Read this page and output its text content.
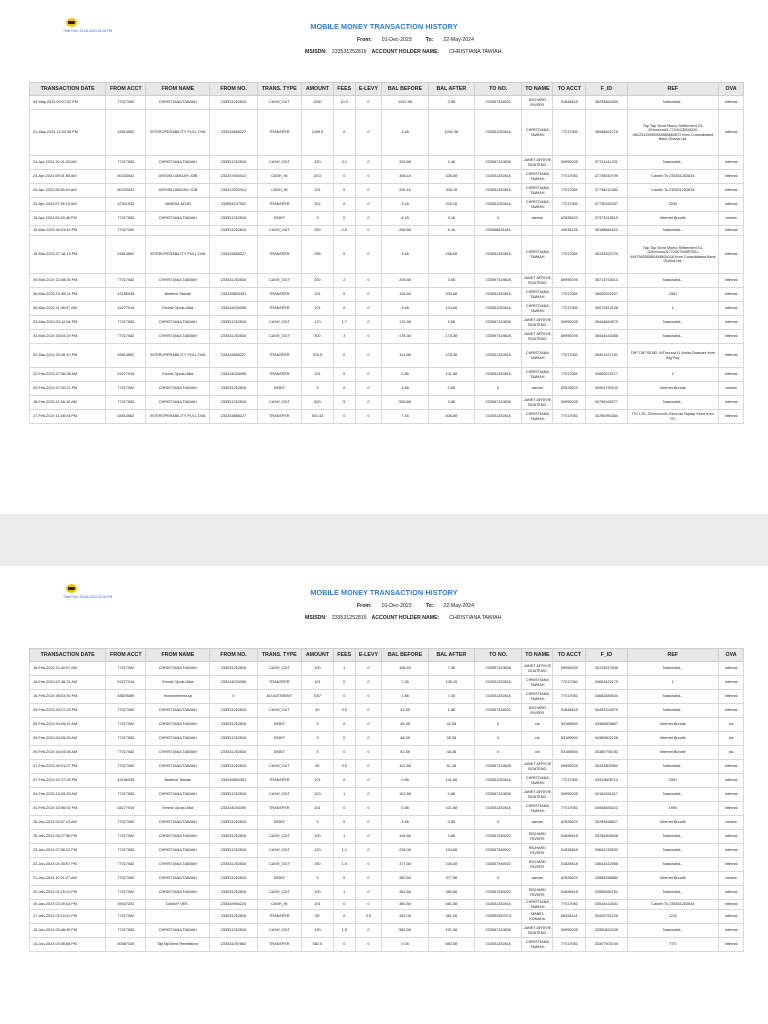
Time Run: 23-05-2024 01:26 PM	MOBILE MONEY TRANSACTION HISTORY
From: 01-Dec-2023	To: 22-May-2024
MSISDN: 233531252816 ACCOUNT HOLDER NAME: CHRISTIANA TAWIAH
TRANSACTION DATE	FROM ACCT	FROM NAME	FROM NO.	TRANS. TYPE	AMOUNT	FEES	E-LEVY	BAL BEFORE	BAL AFTER	TO NO.	TO NAME	TO ACCT	F_ID	REF	OVA
04-May-2024 09:07:02 PM	77017082	CHRISTIANA TAWIAH	233531252816	CASH_OUT	1030	10.3	0	1042.98	2.68	233557946922	RICHARD RIVERS	51826818	38236864350	NationalId--	Internal
01-May-2024 12:02:38 PM	54814562	INTEROPERABILITY PULL OVA	233243868227	TRANSFER	1039.5	0	0	3.48	1042.98	233531252816	CHRISTIANA TAWIAH	77017082	38068832716	Tap Tap Send Momo Settlement GL ,GHxxxxxx0L772412350(0OX-48123129550052888883572 from Consolidated Bank Ghana Ltd.	Internal
24-Apr-2024 10:01:26 AM	77017082	CHRISTIANA TAWIAH	233531252816	CASH_OUT	320	3.2	0	326.68	3.48	233597419828	JANET AFRIYIE BOATENG	69999205	37741141231	NationalId--	Internal
24-Apr-2024 09:01:55 AM	60433542	AYENSU AMOAH JOB	233247600314	CASH_IN	20.5	0	0	306.18	326.68	233531252816	CHRISTIANA TAWIAH	77017082	37738510709	Cashin To 233531252816	Internal
24-Apr-2024 08:55:04 AM	60433542	AYENSU AMOAH JOB	233247600314	CASH_IN	101	0	0	205.18	306.18	233531252816	CHRISTIANA TAWIAH	77017082	37738210382	Cashin To 233531252816	Internal
24-Apr-2024 07:39:15 AM	67911933	VANESA ADJEI	233554157902	TRANSFER	202	0	0	3.18	205.18	233531252816	CHRISTIANA TAWIAH	77017082	37735183337	2030	Internal
15-Apr-2024 09:43:46 PM	77017082	CHRISTIANA TAWIAH	233531252816	DEBIT	3	0	0	6.18	3.18	0	cisnew	62525623	37373315610	Internet Bundle	cisnew
19-Mar-2024 05:03:49 PM	77017082		233531252816	CASH_OUT	250	2.5	0	258.68	6.18	233548831461		49033226	36168881823	NationalId--	Internal
18-Mar-2024 07:18:13 PM	54814562	INTEROPERABILITY PULL OVA	233243868227	TRANSFER	255	0	0	3.68	258.68	233531252816	CHRISTIANA TAWIAH	77017082	36133924720	Tap Tap Send Momo Settlement GL ,GHxxxxxx0L772407848PZSU-449756350580488626116 from Consolidated Bank Ghana Ltd.	Internal
09-Mar-2024 12:58:36 PM	77017082	CHRISTIANA TAWIAH	233531252816	CASH_OUT	200	2	0	205.68	3.68	233597419828	JANET AFRIYIE BOATENG	69999205	35713753013	NationalId--	Internal
06-Mar-2024 10:36:21 PM	43185035	Beatrice Tawiah	233249863351	TRANSFER	101	0	0	104.68	205.68	233531252816	CHRISTIANA TAWIAH	77017082	35600922527	3351	Internal
06-Mar-2024 11:36:57 AM	54277016	Ernest Opoku Atta	233244034395	TRANSFER	101	0	0	3.68	104.68	233531252816	CHRISTIANA TAWIAH	77017082	35572812128	1	Internal
03-Mar-2024 03:12:54 PM	77017082	CHRISTIANA TAWIAH	233531252816	CASH_OUT	170	1.7	0	175.38	3.68	233597419828	JANET AFRIYIE BOATENG	69999205	35444844570	NationalId--	Internal
03-Mar-2024 03:04:19 PM	77017082	CHRISTIANA TAWIAH	233531252816	CASH_OUT	300	3	0	478.38	175.38	233597419828	JANET AFRIYIE BOATENG	69999205	35444444366	NationalId--	Internal
02-Mar-2024 03:46:10 PM	54814562	INTEROPERABILITY PULL OVA	233243868227	TRANSFER	376.5	0	0	101.88	478.38	233531252816	CHRISTIANA TAWIAH	77017082	35401427182	TAP TAP SEND ,MTxxxxxx11,Amitu Dramani from Big Pay	Internal
22-Feb-2024 07:06:38 AM	54277016	Ernest Opoku Atta	233244034395	TRANSFER	101	0	0	0.88	101.88	233531252816	CHRISTIANA TAWIAH	77017082	34960675717	1	Internal
20-Feb-2024 07:40:21 PM	77017082	CHRISTIANA TAWIAH	233531252816	DEBIT	3	0	0	3.88	0.88	0	cisnew	62525623	34904730140	Internet Bundle	cisnew
18-Feb-2024 11:56:40 AM	77017082	CHRISTIANA TAWIAH	233531252816	CASH_OUT	500	5	0	508.88	3.88	233597419828	JANET AFRIYIE BOATENG	69999205	34796165277	NationalId--	Internal
17-Feb-2024 11:08:44 PM	54814562	INTEROPERABILITY PULL OVA	233243868227	TRANSFER	501.43	0	0	7.45	508.88	233531252816	CHRISTIANA TAWIAH	77017082	34780950364	ITC LTD ,02xxxxxx41,Sent via Taptap Send from ITC	Internal
Time Run: 23-05-2024 01:26 PM	MOBILE MONEY TRANSACTION HISTORY
From: 01-Dec-2023	To: 22-May-2024
MSISDN: 233531252816 ACCOUNT HOLDER NAME: CHRISTIANA TAWIAH
TRANSACTION DATE	FROM ACCT	FROM NAME	FROM NO.	TRANS. TYPE	AMOUNT	FEES	E-LEVY	BAL BEFORE	BAL AFTER	TO NO.	TO NAME	TO ACCT	F_ID	REF	OVA
16-Feb-2024 11:40:07 AM	77017082	CHRISTIANA TAWIAH	233531252816	CASH_OUT	100	1	0	108.45	7.45	233597419828	JANET AFRIYIE BOATENG	69999205	34703917846	NationalId--	Internal
16-Feb-2024 07:46:31 AM	54277016	Ernest Opoku Atta	233244034395	TRANSFER	101	0	0	7.45	108.45	233531252816	CHRISTIANA TAWIAH	77017082	34694422170	1	Internal
15-Feb-2024 08:03:30 PM	48878389	momointerest.sp	0	ADJUSTMENT	5.57	0	0	1.88	7.45	233531252816	CHRISTIANA TAWIAH	77017082	34682684634	NationalId--	Internal
09-Feb-2024 03:07:29 PM	77017082	CHRISTIANA TAWIAH	233531252816	CASH_OUT	40	0.5	0	42.38	1.88	233557946922	RICHARD RIVERS	51826818	34493324579	NationalId--	Internal
09-Feb-2024 04:06:41 AM	77017082	CHRISTIANA TAWIAH	233531252816	DEBIT	3	0	0	45.38	42.38	0	cis	53169694	34380805807	Internet Bundle	cis
09-Feb-2024 04:05:59 AM	77017082	CHRISTIANA TAWIAH	233531252816	DEBIT	3	0	0	48.38	45.38	0	cis	53169694	34380802128	Internet Bundle	cis
09-Feb-2024 04:04:58 AM	77017082	CHRISTIANA TAWIAH	233531252816	DEBIT	3	0	0	51.38	48.38	0	cis	53169694	34380796782	Internet Bundle	cis
07-Feb-2024 09:01:07 PM	77017082	CHRISTIANA TAWIAH	233531252816	CASH_OUT	50	0.5	0	101.88	51.38	233597419828	JANET AFRIYIE BOATENG	69999205	34333800964	NationalId--	Internal
07-Feb-2024 01:37:26 PM	43185035	Beatrice Tawiah	233249863351	TRANSFER	101	0	0	0.88	101.88	233531252816	CHRISTIANA TAWIAH	77017082	34313605713	3351	Internal
04-Feb-2024 10:09:39 AM	77017082	CHRISTIANA TAWIAH	233531252816	CASH_OUT	100	1	0	101.88	0.88	233597419828	JANET AFRIYIE BOATENG	69999205	34181941417	NationalId--	Internal
01-Feb-2024 02:56:31 PM	54277016	Ernest Opoku Atta	233244034395	TRANSFER	101	0	0	0.88	101.88	233531252816	CHRISTIANA TAWIAH	77017082	34064655222	1990	Internal
26-Jan-2024 04:57:13 AM	77017082	CHRISTIANA TAWIAH	233531252816	DEBIT	3	0	0	3.88	0.88	0	cisnew	62525623	33789468827	Internet Bundle	cisnew
25-Jan-2024 08:27:56 PM	77017082	CHRISTIANA TAWIAH	233531252816	CASH_OUT	100	1	0	104.88	3.88	233557946922	RICHARD RIVERS	51826818	33782806408	NationalId--	Internal
23-Jan-2024 07:56:12 PM	77017082	CHRISTIANA TAWIAH	233531252816	CASH_OUT	120	1.2	0	226.08	104.88	233557946922	RICHARD RIVERS	51826818	33694782632	NationalId--	Internal
22-Jan-2024 04:45:57 PM	77017082	CHRISTIANA TAWIAH	233531252816	CASH_OUT	150	1.5	0	377.58	226.08	233557946922	RICHARD RIVERS	51826818	33644412066	NationalId--	Internal
21-Jan-2024 10:21:27 AM	77017082	CHRISTIANA TAWIAH	233531252816	DEBIT	3	0	0	380.58	377.58	0	cisnew	62525623	33589268884	Internet Bundle	cisnew
20-Jan-2024 01:25:10 PM	77017082	CHRISTIANA TAWIAH	233531252816	CASH_OUT	100	1	0	481.58	380.58	233557946922	RICHARD RIVERS	51826818	33555584751	NationalId--	Internal
19-Jan-2024 02:39:53 PM	39047262	DANNY VEE..	233549964226	CASH_IN	101	0	0	380.58	481.58	233531252816	CHRISTIANA TAWIAH	77017082	33516413431	Cashin To 233531252816	Internal
17-Jan-2024 03:19:31 PM	77017082		233531252816	TRANSFER	50	0	0.5	431.08	381.08	233592957574	MABEL KONADU	65328141	33425751226	2211	Internal
15-Jan-2024 05:48:49 PM	77017082	CHRISTIANA TAWIAH	233531252816	CASH_OUT	150	1.5	0	582.58	431.08	233597419828	JANET AFRIYIE BOATENG	69999205	33350832249	NationalId--	Internal
14-Jan-2024 04:08:58 PM	80687326	TapTapSend Remittance	233531097864	TRANSFER	582.5	0	0	0.08	582.58	233531252816	CHRISTIANA TAWIAH	77017082	33307003740	TTS	Internal
